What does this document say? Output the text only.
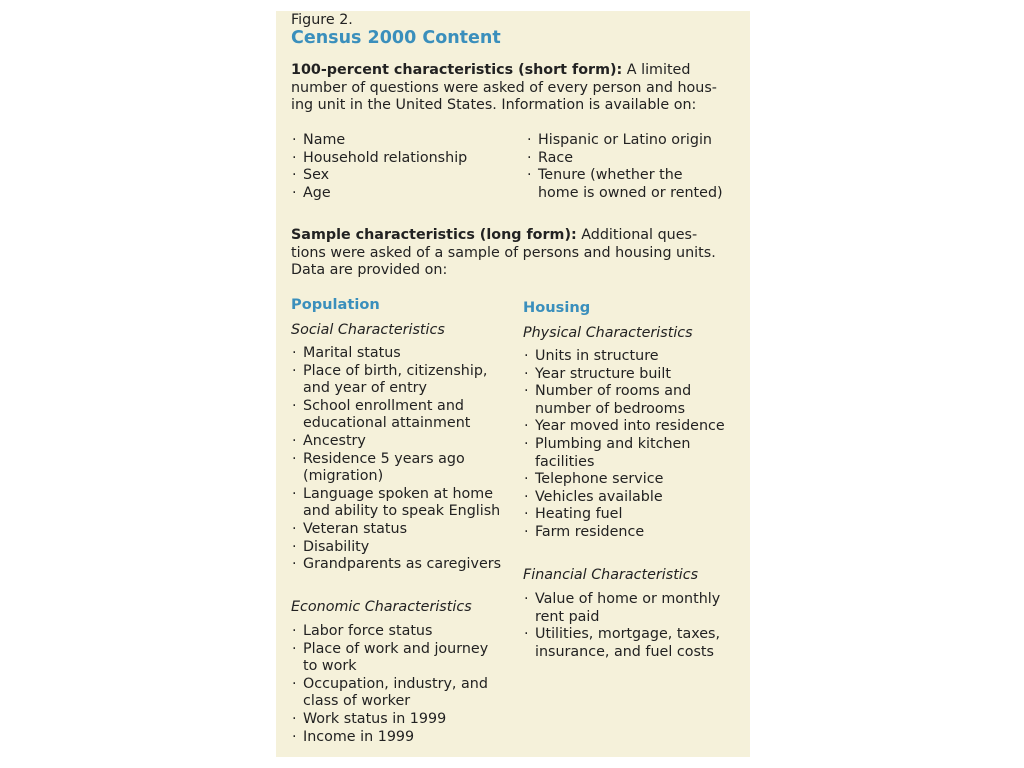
Figure 2.
Census 2000 Content
100-percent characteristics (short form): A limited
number of questions were asked of every person and hous-
ing unit in the United States. Information is available on:
· Name
· Household relationship
· Sex
· Age
· Hispanic or Latino origin
· Race
· Tenure (whether the
home is owned or rented)
Sample characteristics (long form): Additional ques-
tions were asked of a sample of persons and housing units.
Data are provided on:
Population
Social Characteristics
· Marital status
· Place of birth, citizenship,
and year of entry
· School enrollment and
educational attainment
· Ancestry
· Residence 5 years ago
(migration)
· Language spoken at home
and ability to speak English
· Veteran status
· Disability
· Grandparents as caregivers
Economic Characteristics
· Labor force status
· Place of work and journey
to work
· Occupation, industry, and
class of worker
· Work status in 1999
· Income in 1999
Housing
Physical Characteristics
· Units in structure
· Year structure built
· Number of rooms and
number of bedrooms
· Year moved into residence
· Plumbing and kitchen
facilities
· Telephone service
· Vehicles available
· Heating fuel
· Farm residence
Financial Characteristics
· Value of home or monthly
rent paid
· Utilities, mortgage, taxes,
insurance, and fuel costs
